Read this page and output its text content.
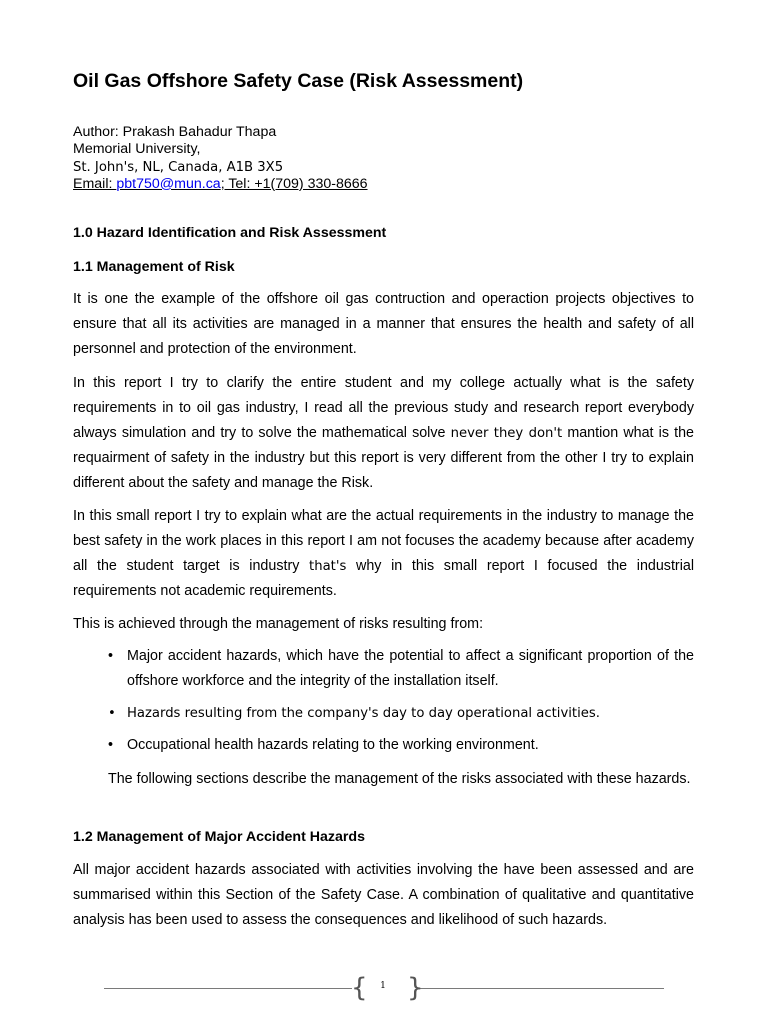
Oil Gas Offshore Safety Case (Risk Assessment)
Author: Prakash Bahadur Thapa
Memorial University,
St. John's, NL, Canada, A1B 3X5
Email: pbt750@mun.ca; Tel: +1(709) 330-8666
1.0 Hazard Identification and Risk Assessment
1.1 Management of Risk

It is one the example of the offshore oil gas contruction and operaction projects objectives to ensure that all its activities are managed in a manner that ensures the health and safety of all personnel and protection of the environment.

In this report I try to clarify the entire student and my college actually what is the safety requirements in to oil gas industry, I read all the previous study and research report everybody always simulation and try to solve the mathematical solve never they don't mantion what is the requairment of safety in the industry but this report is very different from the other I try to explain different about the safety and manage the Risk.

In this small report I try to explain what are the actual requirements in the industry to manage the best safety in the work places in this report I am not focuses the academy because after academy all the student target is industry that's why in this small report I focused the industrial requirements not academic requirements.

This is achieved through the management of risks resulting from:

• Major accident hazards, which have the potential to affect a significant proportion of the offshore workforce and the integrity of the installation itself.
• Hazards resulting from the company's day to day operational activities.
• Occupational health hazards relating to the working environment.

The following sections describe the management of the risks associated with these hazards.

1.2 Management of Major Accident Hazards

All major accident hazards associated with activities involving the have been assessed and are summarised within this Section of the Safety Case. A combination of qualitative and quantitative analysis has been used to assess the consequences and likelihood of such hazards.

{ }
1
